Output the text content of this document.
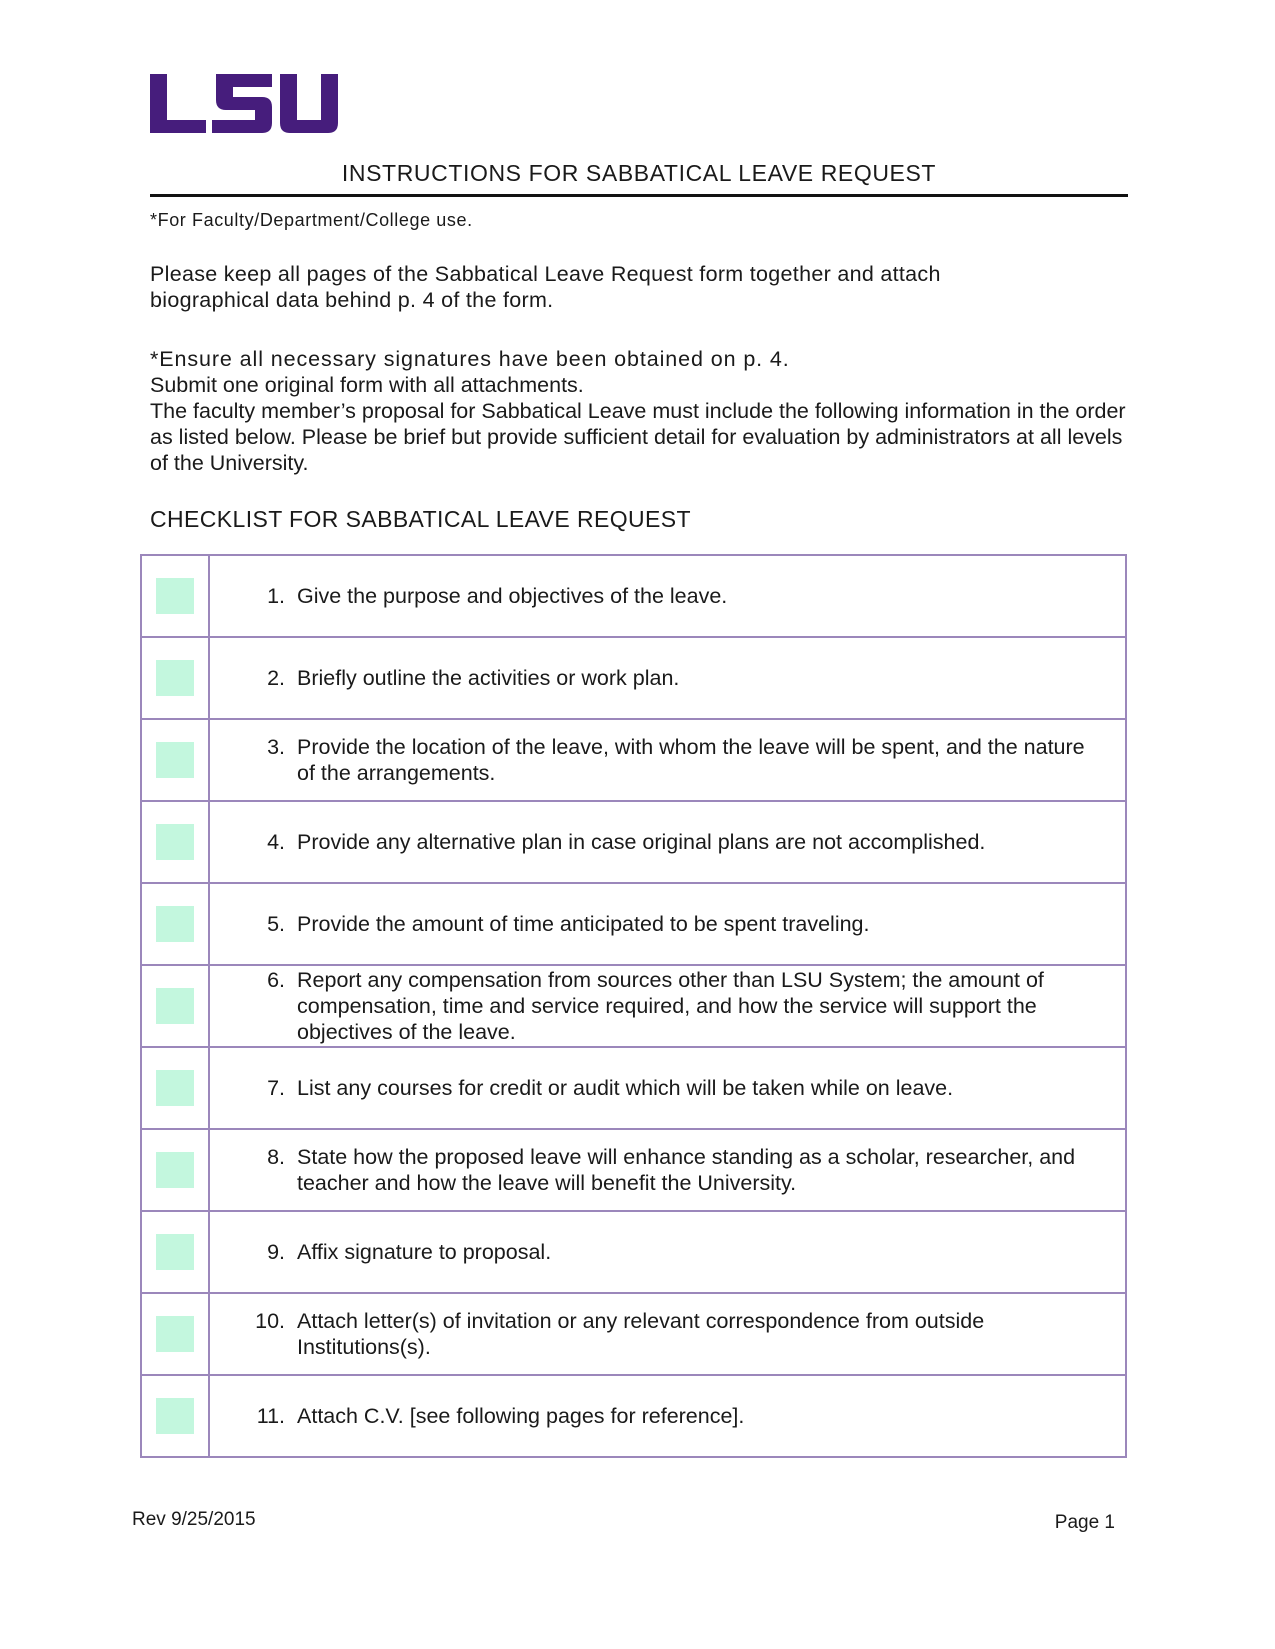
INSTRUCTIONS FOR SABBATICAL LEAVE REQUEST
*For Faculty/Department/College use.

Please keep all pages of the Sabbatical Leave Request form together and attach
biographical data behind p. 4 of the form.

*Ensure all necessary signatures have been obtained on p. 4.
Submit one original form with all attachments.
The faculty member’s proposal for Sabbatical Leave must include the following information in the order as listed below. Please be brief but provide sufficient detail for evaluation by administrators at all levels of the University.

CHECKLIST FOR SABBATICAL LEAVE REQUEST

	1. Give the purpose and objectives of the leave.

	2. Briefly outline the activities or work plan.

	3. Provide the location of the leave, with whom the leave will be spent, and the nature of the arrangements.

	4. Provide any alternative plan in case original plans are not accomplished.

	5. Provide the amount of time anticipated to be spent traveling.

	6. Report any compensation from sources other than LSU System; the amount of compensation, time and service required, and how the service will support the objectives of the leave.

	7. List any courses for credit or audit which will be taken while on leave.

	8. State how the proposed leave will enhance standing as a scholar, researcher, and teacher and how the leave will benefit the University.

	9. Affix signature to proposal.

	10. Attach letter(s) of invitation or any relevant correspondence from outside Institutions(s).

	11. Attach C.V. [see following pages for reference].
Rev 9/25/2015	Page 1
